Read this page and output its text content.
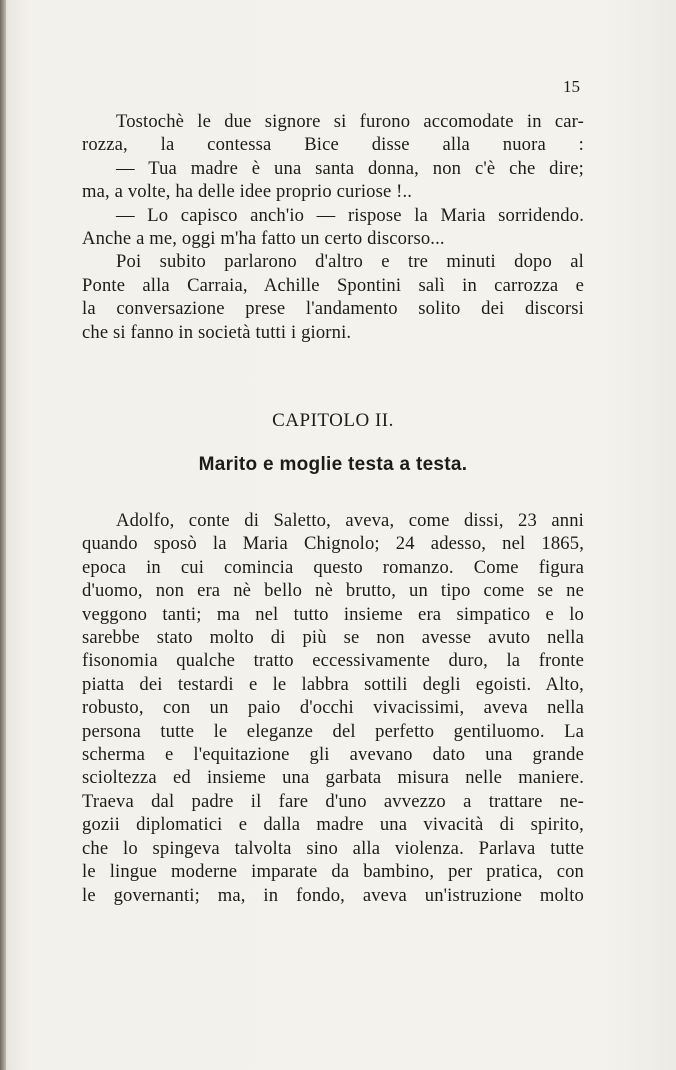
15
Tostochè le due signore si furono accomodate in car-
rozza, la contessa Bice disse alla nuora :
— Tua madre è una santa donna, non c'è che dire;
ma, a volte, ha delle idee proprio curiose !..
— Lo capisco anch'io — rispose la Maria sorridendo.
Anche a me, oggi m'ha fatto un certo discorso...
Poi subito parlarono d'altro e tre minuti dopo al
Ponte alla Carraia, Achille Spontini salì in carrozza e
la conversazione prese l'andamento solito dei discorsi
che si fanno in società tutti i giorni.
CAPITOLO II.
Marito e moglie testa a testa.
Adolfo, conte di Saletto, aveva, come dissi, 23 anni
quando sposò la Maria Chignolo; 24 adesso, nel 1865,
epoca in cui comincia questo romanzo. Come figura
d'uomo, non era nè bello nè brutto, un tipo come se ne
veggono tanti; ma nel tutto insieme era simpatico e lo
sarebbe stato molto di più se non avesse avuto nella
fisonomia qualche tratto eccessivamente duro, la fronte
piatta dei testardi e le labbra sottili degli egoisti. Alto,
robusto, con un paio d'occhi vivacissimi, aveva nella
persona tutte le eleganze del perfetto gentiluomo. La
scherma e l'equitazione gli avevano dato una grande
scioltezza ed insieme una garbata misura nelle maniere.
Traeva dal padre il fare d'uno avvezzo a trattare ne-
gozii diplomatici e dalla madre una vivacità di spirito,
che lo spingeva talvolta sino alla violenza. Parlava tutte
le lingue moderne imparate da bambino, per pratica, con
le governanti; ma, in fondo, aveva un'istruzione molto
